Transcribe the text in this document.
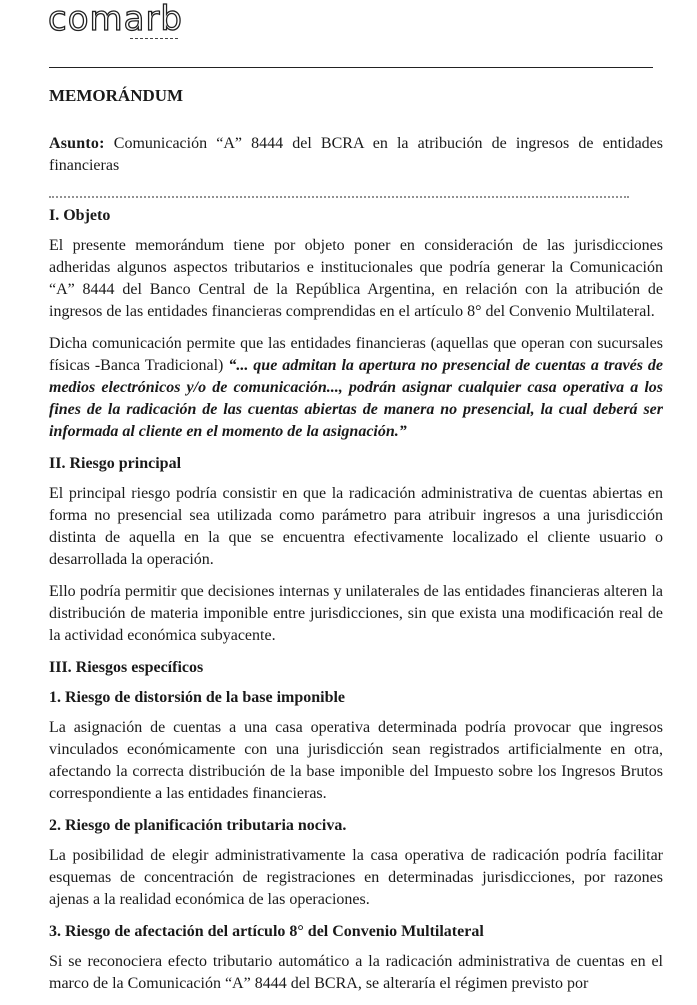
comarb
MEMORÁNDUM

Asunto: Comunicación “A” 8444 del BCRA en la atribución de ingresos de entidades financieras

I. Objeto

El presente memorándum tiene por objeto poner en consideración de las jurisdicciones adheridas algunos aspectos tributarios e institucionales que podría generar la Comunicación “A” 8444 del Banco Central de la República Argentina, en relación con la atribución de ingresos de las entidades financieras comprendidas en el artículo 8° del Convenio Multilateral.

Dicha comunicación permite que las entidades financieras (aquellas que operan con sucursales físicas -Banca Tradicional) “... que admitan la apertura no presencial de cuentas a través de medios electrónicos y/o de comunicación..., podrán asignar cualquier casa operativa a los fines de la radicación de las cuentas abiertas de manera no presencial, la cual deberá ser informada al cliente en el momento de la asignación.”

II. Riesgo principal

El principal riesgo podría consistir en que la radicación administrativa de cuentas abiertas en forma no presencial sea utilizada como parámetro para atribuir ingresos a una jurisdicción distinta de aquella en la que se encuentra efectivamente localizado el cliente usuario o desarrollada la operación.

Ello podría permitir que decisiones internas y unilaterales de las entidades financieras alteren la distribución de materia imponible entre jurisdicciones, sin que exista una modificación real de la actividad económica subyacente.

III. Riesgos específicos
1. Riesgo de distorsión de la base imponible

La asignación de cuentas a una casa operativa determinada podría provocar que ingresos vinculados económicamente con una jurisdicción sean registrados artificialmente en otra, afectando la correcta distribución de la base imponible del Impuesto sobre los Ingresos Brutos correspondiente a las entidades financieras.

2. Riesgo de planificación tributaria nociva.

La posibilidad de elegir administrativamente la casa operativa de radicación podría facilitar esquemas de concentración de registraciones en determinadas jurisdicciones, por razones ajenas a la realidad económica de las operaciones.

3. Riesgo de afectación del artículo 8° del Convenio Multilateral

Si se reconociera efecto tributario automático a la radicación administrativa de cuentas en el marco de la Comunicación “A” 8444 del BCRA, se alteraría el régimen previsto por
